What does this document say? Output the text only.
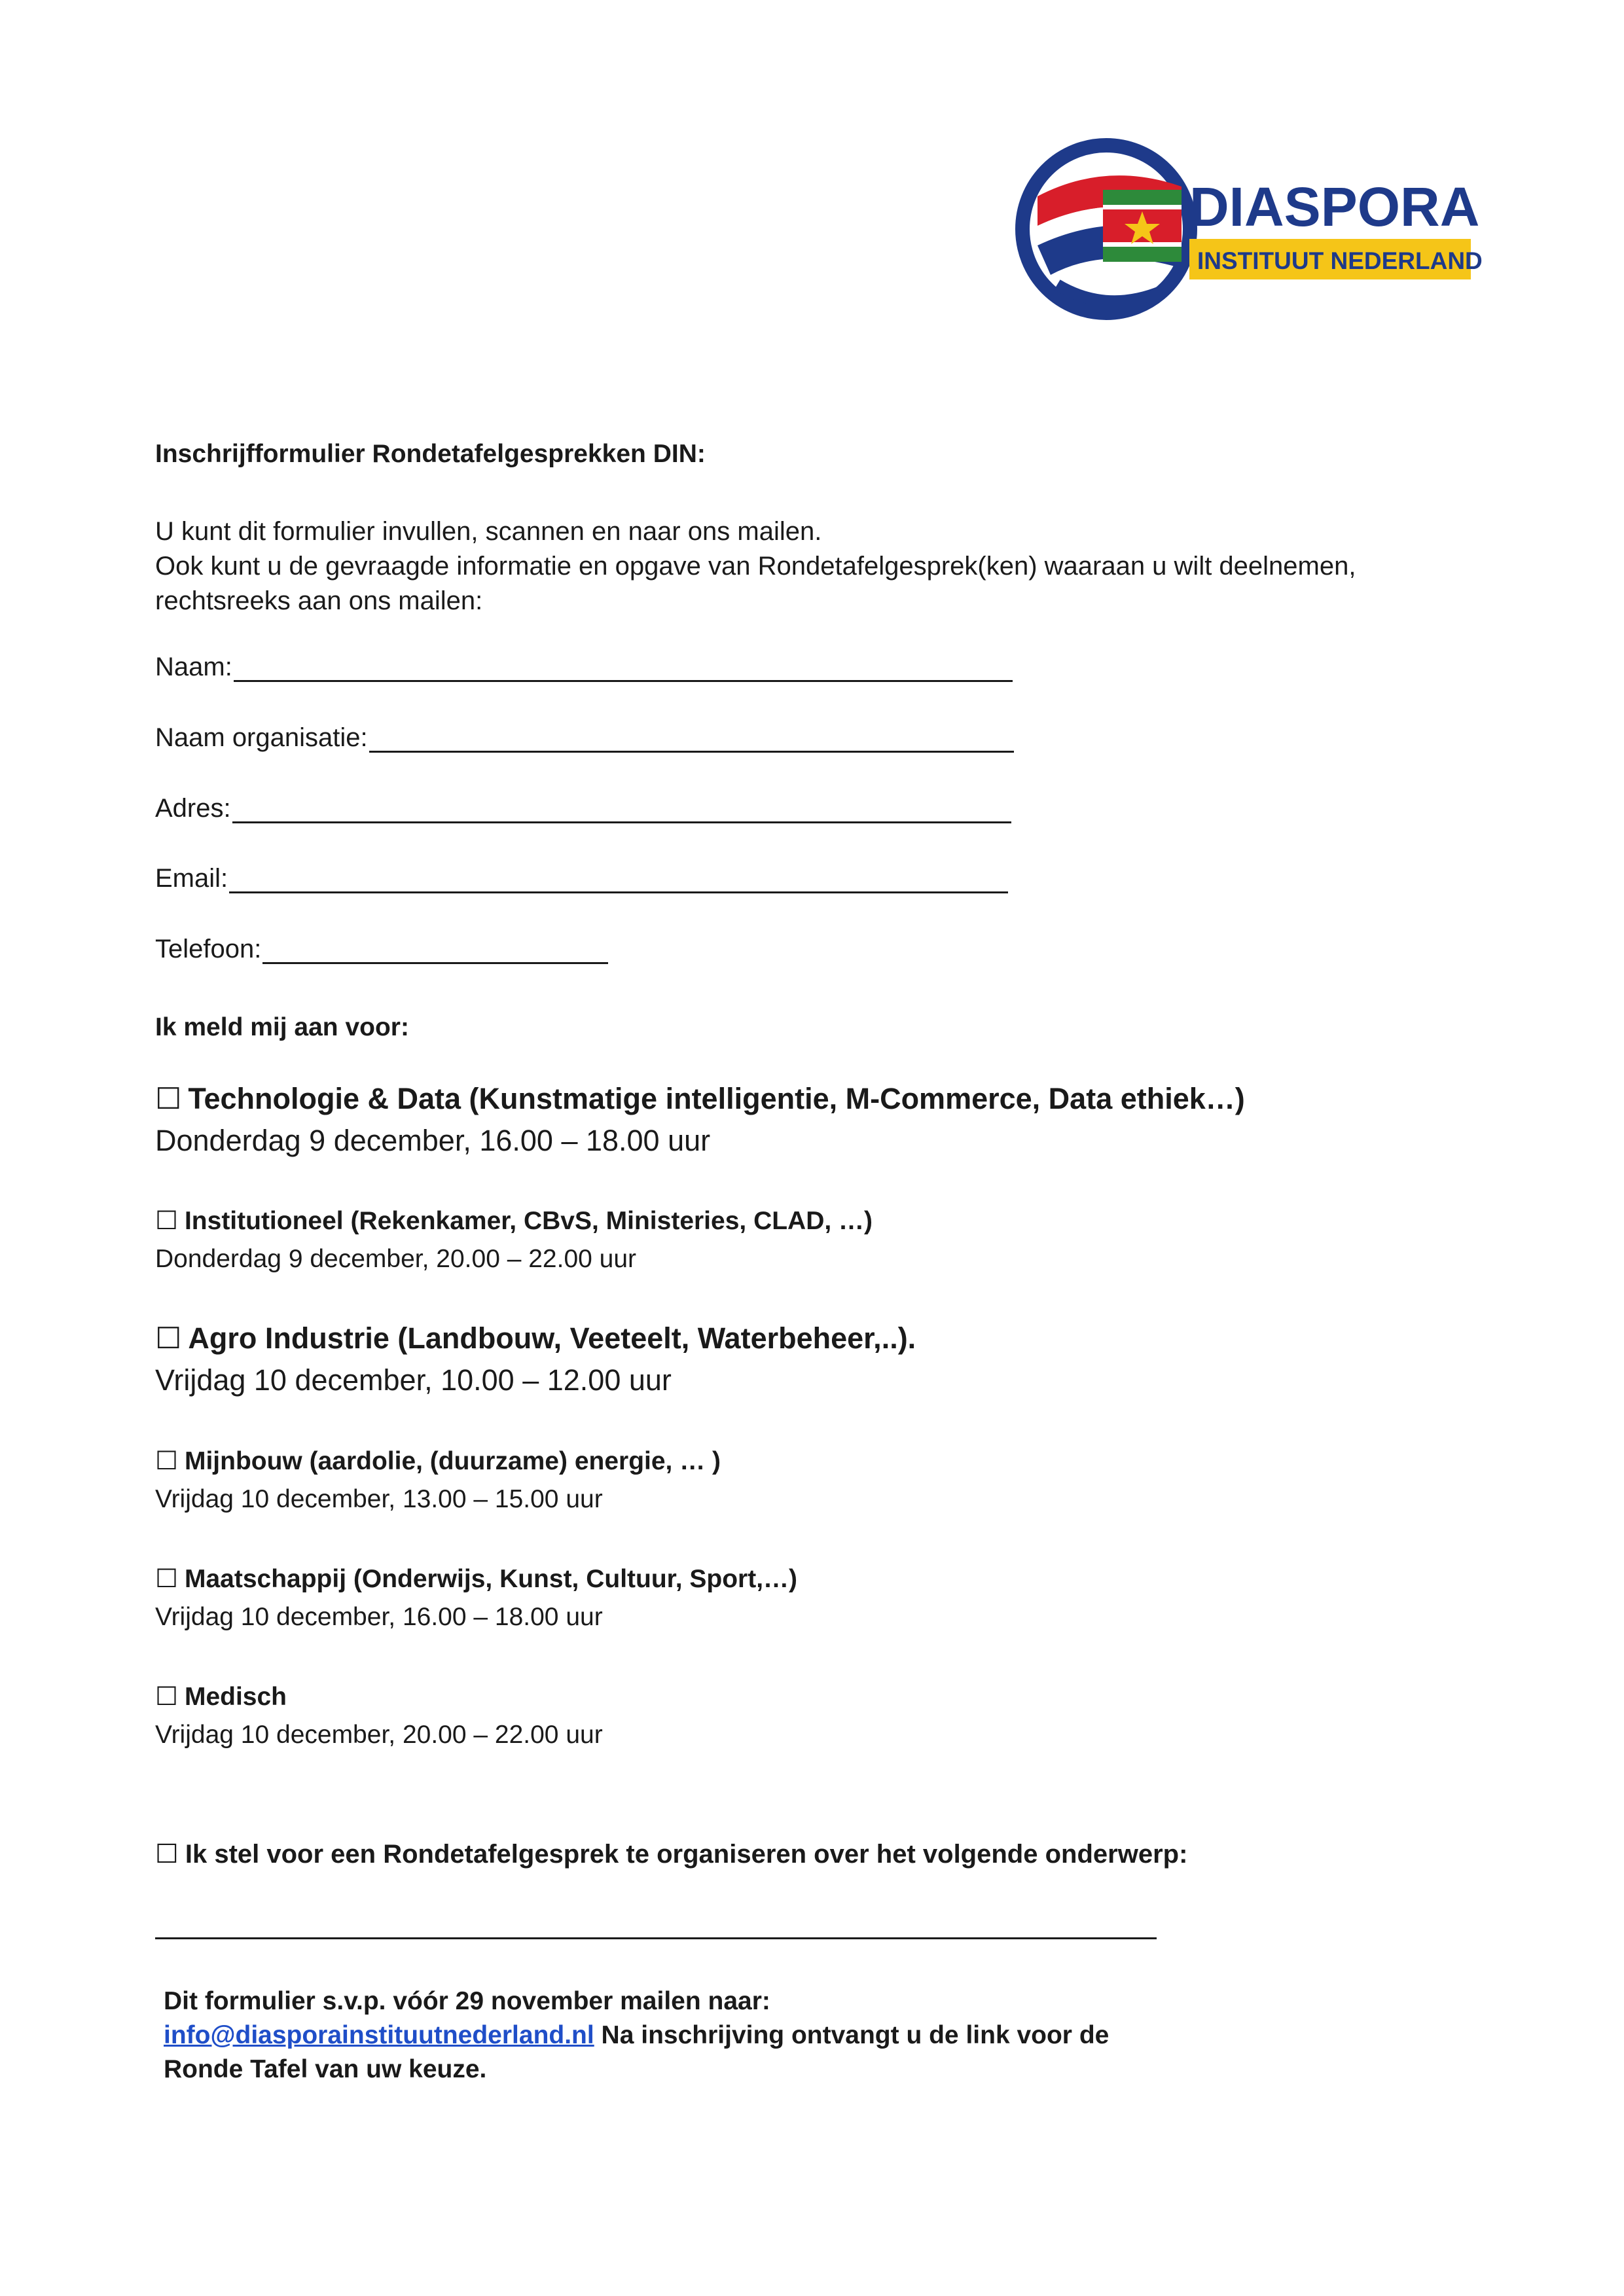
DIASPORA
INSTITUUT NEDERLAND
Inschrijfformulier Rondetafelgesprekken DIN:
U kunt dit formulier invullen, scannen en naar ons mailen.
Ook kunt u de gevraagde informatie en opgave van Rondetafelgesprek(ken) waaraan u wilt deelnemen,
rechtsreeks aan ons mailen:
Naam:
Naam organisatie:
Adres:
Email:
Telefoon:
Ik meld mij aan voor:
☐ Technologie & Data (Kunstmatige intelligentie, M-Commerce, Data ethiek…)
Donderdag 9 december, 16.00 – 18.00 uur
☐ Institutioneel (Rekenkamer, CBvS, Ministeries, CLAD, …)
Donderdag 9 december, 20.00 – 22.00 uur
☐ Agro Industrie (Landbouw, Veeteelt, Waterbeheer,..).
Vrijdag 10 december, 10.00 – 12.00 uur
☐ Mijnbouw (aardolie, (duurzame) energie, … )
Vrijdag 10 december, 13.00 – 15.00 uur
☐ Maatschappij (Onderwijs, Kunst, Cultuur, Sport,…)
Vrijdag 10 december, 16.00 – 18.00 uur
☐ Medisch
Vrijdag 10 december, 20.00 – 22.00 uur
☐ Ik stel voor een Rondetafelgesprek te organiseren over het volgende onderwerp:
Dit formulier s.v.p. vóór 29 november mailen naar:
info@diasporainstituutnederland.nl Na inschrijving ontvangt u de link voor de
Ronde Tafel van uw keuze.
